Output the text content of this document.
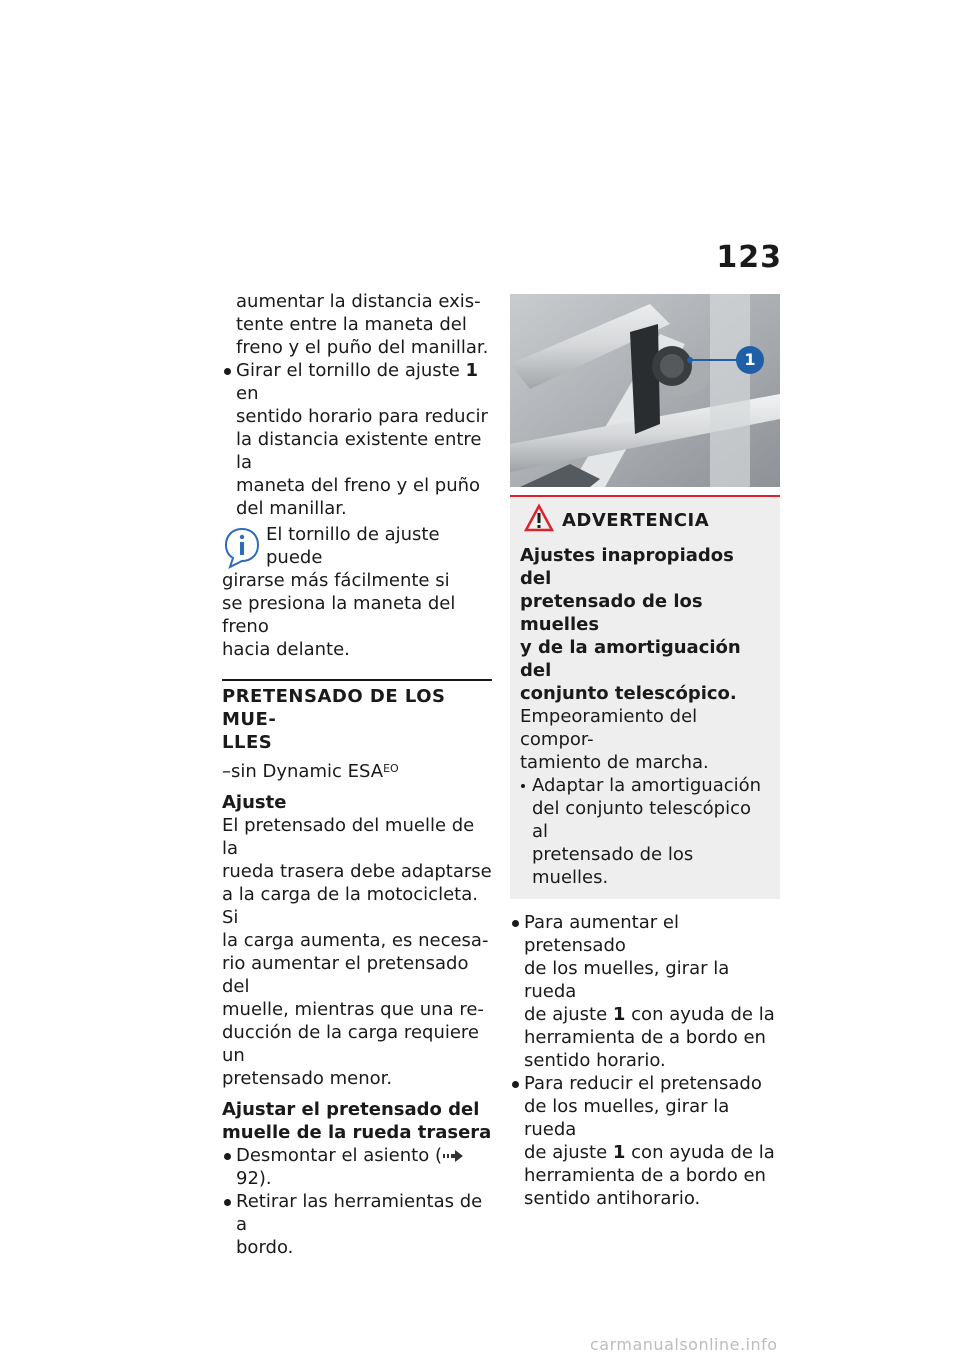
123

aumentar la distancia exis-

tente entre la maneta del

freno y el puño del manillar.

Girar el tornillo de ajuste 1 en

sentido horario para reducir

la distancia existente entre la

maneta del freno y el puño

del manillar.

El tornillo de ajuste puede

girarse más fácilmente si

se presiona la maneta del freno

hacia delante.

PRETENSADO DE LOS MUE-
LLES

–sin Dynamic $ESA^{EO}$

Ajuste

El pretensado del muelle de la

rueda trasera debe adaptarse

a la carga de la motocicleta. Si

la carga aumenta, es necesa-

rio aumentar el pretensado del

muelle, mientras que una re-

ducción de la carga requiere un

pretensado menor.

Ajustar el pretensado del

muelle de la rueda trasera

Desmontar el asiento (92).

Retirar las herramientas de a

bordo.

1
ADVERTENCIA

Ajustes inapropiados del

pretensado de los muelles

y de la amortiguación del

conjunto telescópico.

Empeoramiento del compor-

tamiento de marcha.

Adaptar la amortiguación

del conjunto telescópico al

pretensado de los muelles.

Para aumentar el pretensado

de los muelles, girar la rueda

de ajuste 1 con ayuda de la

herramienta de a bordo en

sentido horario.

Para reducir el pretensado

de los muelles, girar la rueda

de ajuste 1 con ayuda de la

herramienta de a bordo en

sentido antihorario.

carmanualsonline.info
